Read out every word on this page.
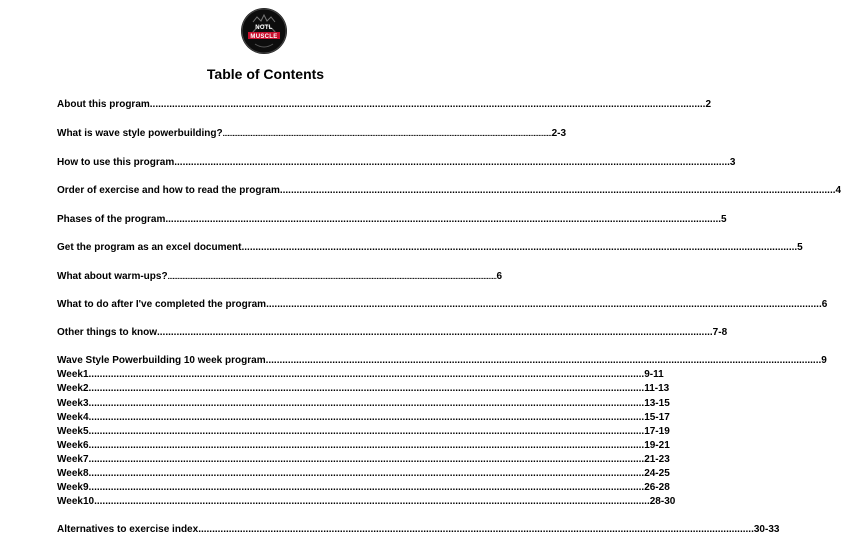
NOTL
MUSCLE
Table of Contents
About this program ........................................................................................................................................................................................................ 2
What is wave style powerbuilding? ........................................................................................................................................................................................................ 2-3
How to use this program ........................................................................................................................................................................................................ 3
Order of exercise and how to read the program ........................................................................................................................................................................................................ 4
Phases of the program ........................................................................................................................................................................................................ 5
Get the program as an excel document ........................................................................................................................................................................................................ 5
What about warm-ups? ........................................................................................................................................................................................................ 6
What to do after I've completed the program ........................................................................................................................................................................................................ 6
Other things to know ........................................................................................................................................................................................................ 7-8
Wave Style Powerbuilding 10 week program ........................................................................................................................................................................................................ 9
Week1 ........................................................................................................................................................................................................ 9-11
Week2 ........................................................................................................................................................................................................ 11-13
Week3 ........................................................................................................................................................................................................ 13-15
Week4 ........................................................................................................................................................................................................ 15-17
Week5 ........................................................................................................................................................................................................ 17-19
Week6 ........................................................................................................................................................................................................ 19-21
Week7 ........................................................................................................................................................................................................ 21-23
Week8 ........................................................................................................................................................................................................ 24-25
Week9 ........................................................................................................................................................................................................ 26-28
Week10 ........................................................................................................................................................................................................ 28-30
Alternatives to exercise index ........................................................................................................................................................................................................ 30-33
